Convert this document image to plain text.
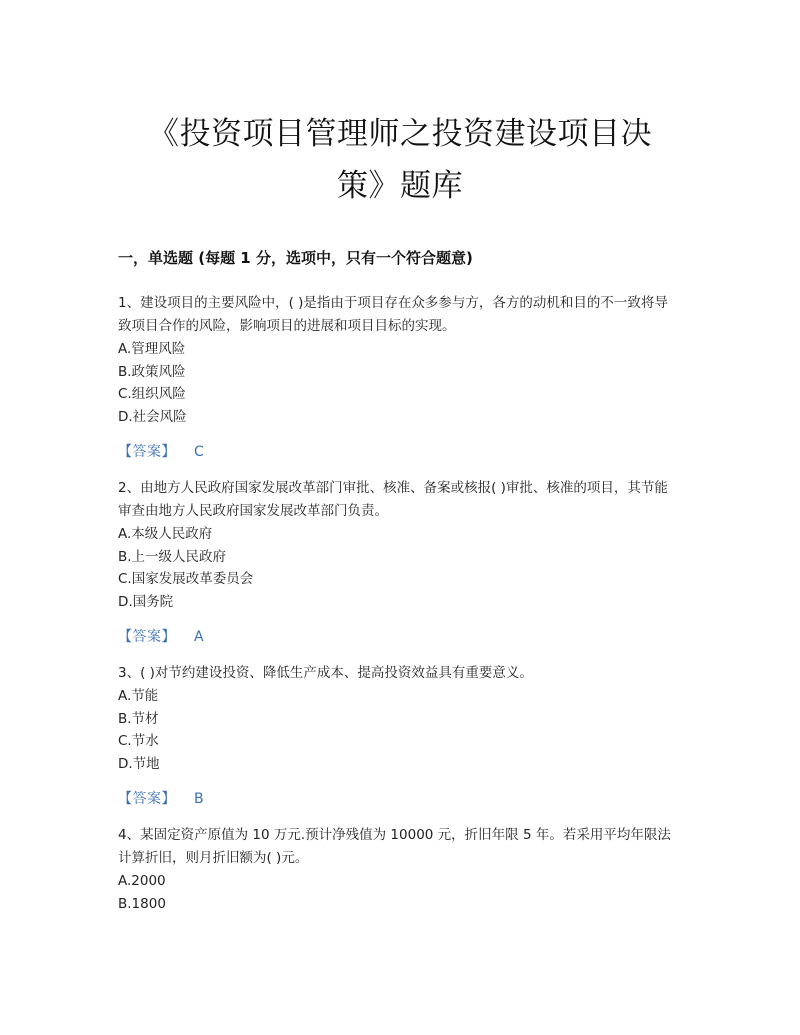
《投资项目管理师之投资建设项目决
策》题库
一，单选题 (每题 1 分，选项中，只有一个符合题意)
1、建设项目的主要风险中，( )是指由于项目存在众多参与方，各方的动机和目的不一致将导致项目合作的风险，影响项目的进展和项目目标的实现。
A.管理风险
B.政策风险
C.组织风险
D.社会风险
【答案】 C
2、由地方人民政府国家发展改革部门审批、核准、备案或核报( )审批、核准的项目，其节能审查由地方人民政府国家发展改革部门负责。
A.本级人民政府
B.上一级人民政府
C.国家发展改革委员会
D.国务院
【答案】 A
3、( )对节约建设投资、降低生产成本、提高投资效益具有重要意义。
A.节能
B.节材
C.节水
D.节地
【答案】 B
4、某固定资产原值为 10 万元.预计净残值为 10000 元，折旧年限 5 年。若采用平均年限法计算折旧，则月折旧额为( )元。
A.2000
B.1800
